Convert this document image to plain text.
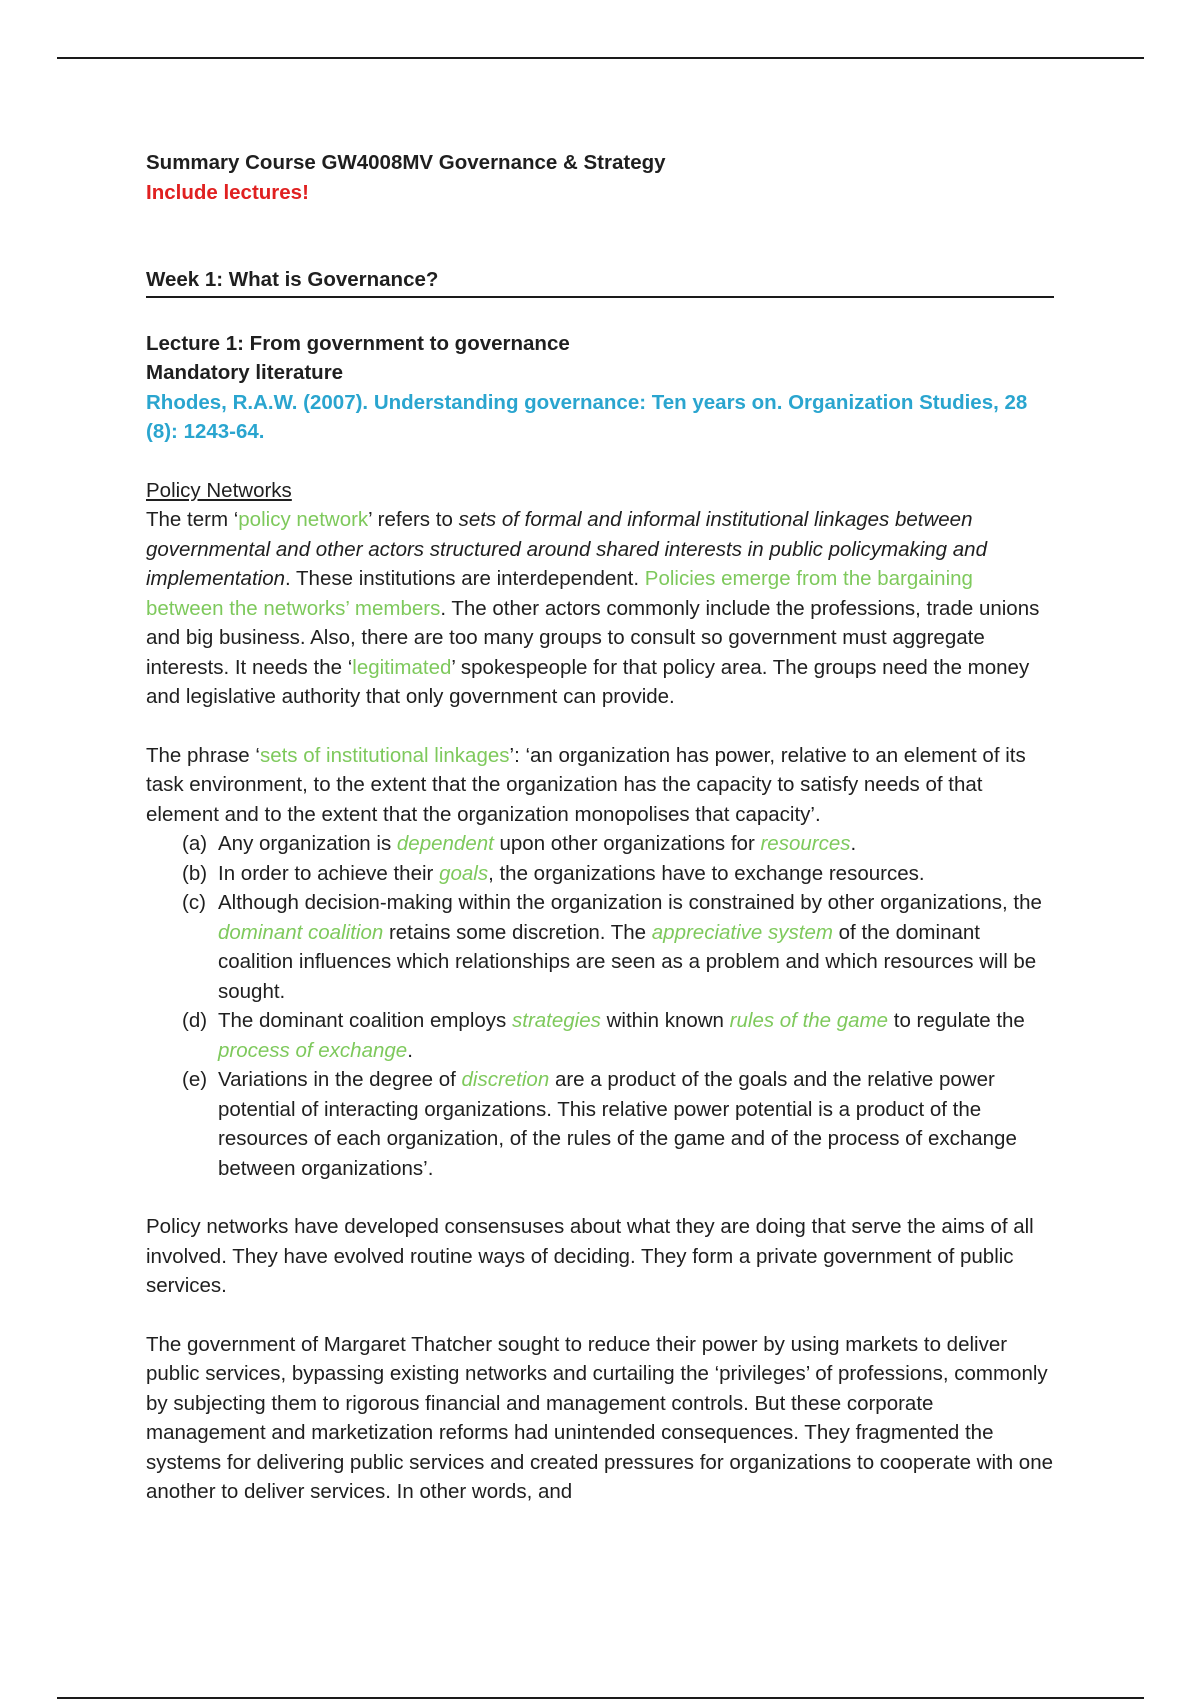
Summary Course GW4008MV Governance & Strategy

Include lectures!

Week 1: What is Governance?

Lecture 1: From government to governance

Mandatory literature

Rhodes, R.A.W. (2007). Understanding governance: Ten years on. Organization Studies, 28 (8): 1243-64.

Policy Networks

The term ‘policy network’ refers to sets of formal and informal institutional linkages between governmental and other actors structured around shared interests in public policymaking and implementation. These institutions are interdependent. Policies emerge from the bargaining between the networks’ members. The other actors commonly include the professions, trade unions and big business. Also, there are too many groups to consult so government must aggregate interests. It needs the ‘legitimated’ spokespeople for that policy area. The groups need the money and legislative authority that only government can provide.

The phrase ‘sets of institutional linkages’: ‘an organization has power, relative to an element of its task environment, to the extent that the organization has the capacity to satisfy needs of that element and to the extent that the organization monopolises that capacity’.

(a) Any organization is dependent upon other organizations for resources.
(b) In order to achieve their goals, the organizations have to exchange resources.
(c) Although decision-making within the organization is constrained by other organizations, the dominant coalition retains some discretion. The appreciative system of the dominant coalition influences which relationships are seen as a problem and which resources will be sought.
(d) The dominant coalition employs strategies within known rules of the game to regulate the process of exchange.
(e) Variations in the degree of discretion are a product of the goals and the relative power potential of interacting organizations. This relative power potential is a product of the resources of each organization, of the rules of the game and of the process of exchange between organizations’.

Policy networks have developed consensuses about what they are doing that serve the aims of all involved. They have evolved routine ways of deciding. They form a private government of public services.

The government of Margaret Thatcher sought to reduce their power by using markets to deliver public services, bypassing existing networks and curtailing the ‘privileges’ of professions, commonly by subjecting them to rigorous financial and management controls. But these corporate management and marketization reforms had unintended consequences. They fragmented the systems for delivering public services and created pressures for organizations to cooperate with one another to deliver services. In other words, and
